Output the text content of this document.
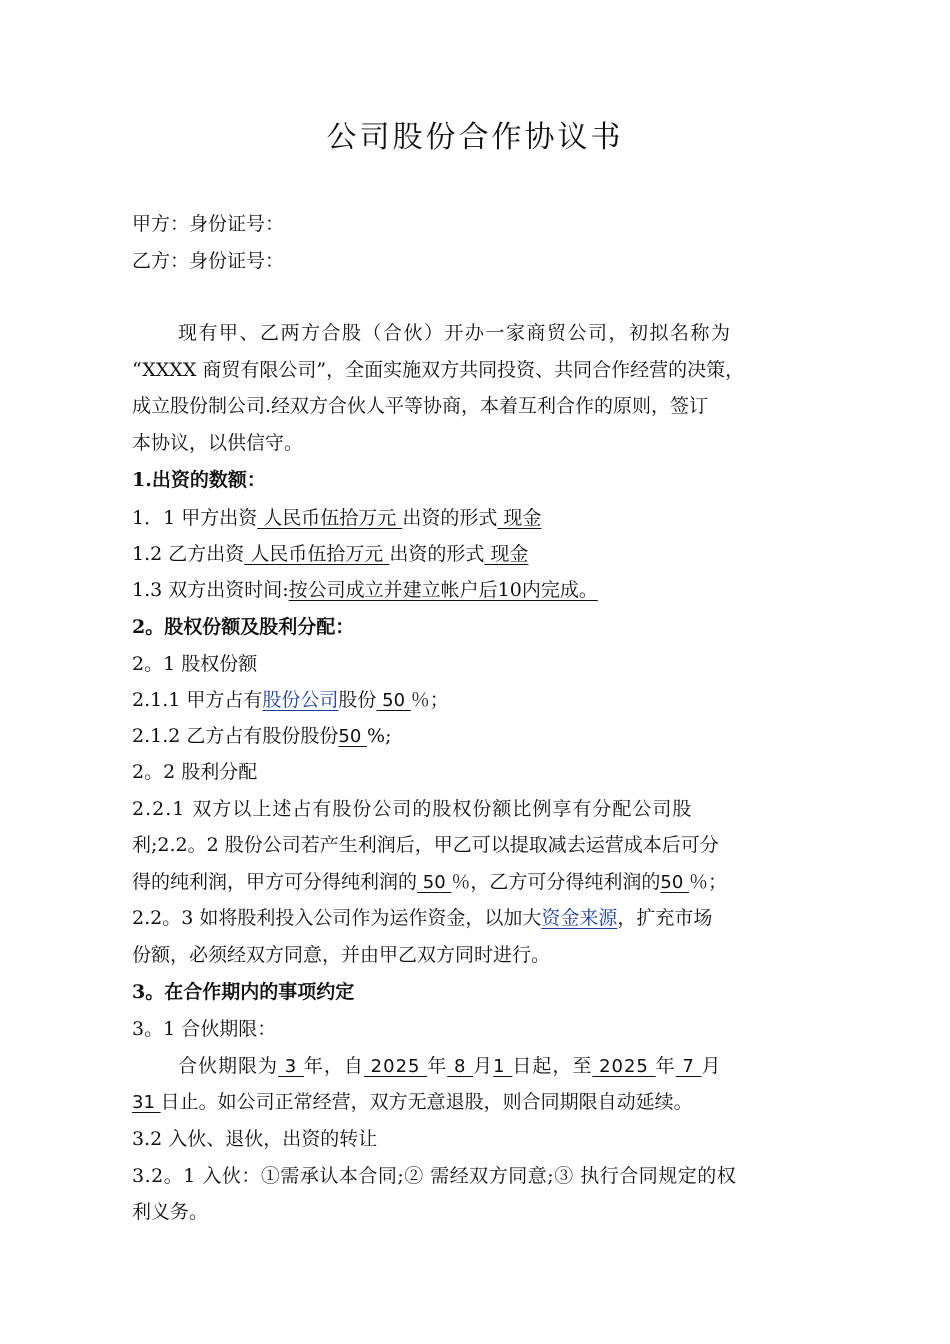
公司股份合作协议书
甲方：身份证号：
乙方：身份证号：
现有甲、乙两方合股（合伙）开办一家商贸公司，初拟名称为
“XXXX 商贸有限公司”，全面实施双方共同投资、共同合作经营的决策，
成立股份制公司.经双方合伙人平等协商，本着互利合作的原则，签订
本协议，以供信守。
1.出资的数额：
1．1 甲方出资 人民币伍拾万元 出资的形式 现金
1.2 乙方出资 人民币伍拾万元 出资的形式 现金
1.3 双方出资时间:按公司成立并建立帐户后10内完成。
2。股权份额及股利分配：
2。1 股权份额
2.1.1 甲方占有股份公司股份 50 ％；
2.1.2 乙方占有股份股份50 %;
2。2 股利分配
2.2.1 双方以上述占有股份公司的股权份额比例享有分配公司股
利;2.2。2 股份公司若产生利润后，甲乙可以提取减去运营成本后可分
得的纯利润，甲方可分得纯利润的 50 ％，乙方可分得纯利润的50 ％；
2.2。3 如将股利投入公司作为运作资金，以加大资金来源，扩充市场
份额，必须经双方同意，并由甲乙双方同时进行。
3。在合作期内的事项约定
3。1 合伙期限：
合伙期限为 3 年，自 2025 年 8 月1 日起，至 2025 年 7 月
31 日止。如公司正常经营，双方无意退股，则合同期限自动延续。
3.2 入伙、退伙，出资的转让
3.2。1 入伙：①需承认本合同;② 需经双方同意;③ 执行合同规定的权
利义务。
